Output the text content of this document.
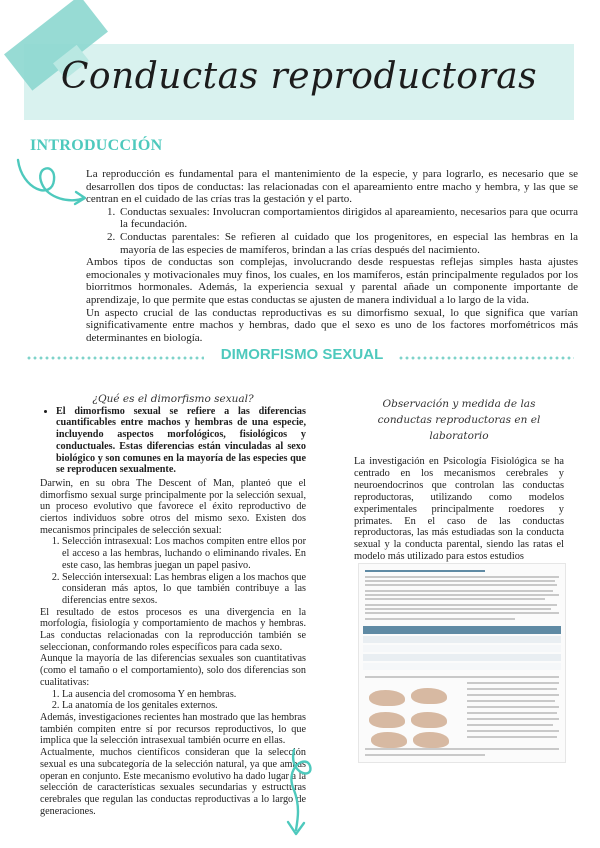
Conductas reproductoras
INTRODUCCIÓN

La reproducción es fundamental para el mantenimiento de la especie, y para lograrlo, es necesario que se desarrollen dos tipos de conductas: las relacionadas con el apareamiento entre macho y hembra, y las que se centran en el cuidado de las crías tras la gestación y el parto.

1. Conductas sexuales: Involucran comportamientos dirigidos al apareamiento, necesarios para que ocurra la fecundación.
2. Conductas parentales: Se refieren al cuidado que los progenitores, en especial las hembras en la mayoría de las especies de mamíferos, brindan a las crías después del nacimiento.

Ambos tipos de conductas son complejas, involucrando desde respuestas reflejas simples hasta ajustes emocionales y motivacionales muy finos, los cuales, en los mamíferos, están principalmente regulados por los biorritmos hormonales. Además, la experiencia sexual y parental añade un componente importante de aprendizaje, lo que permite que estas conductas se ajusten de manera individual a lo largo de la vida.

Un aspecto crucial de las conductas reproductivas es su dimorfismo sexual, lo que significa que varían significativamente entre machos y hembras, dado que el sexo es uno de los factores morfométricos más determinantes en biología.

DIMORFISMO SEXUAL

¿Qué es el dimorfismo sexual?

• El dimorfismo sexual se refiere a las diferencias cuantificables entre machos y hembras de una especie, incluyendo aspectos morfológicos, fisiológicos y conductuales. Estas diferencias están vinculadas al sexo biológico y son comunes en la mayoría de las especies que se reproducen sexualmente.

Darwin, en su obra The Descent of Man, planteó que el dimorfismo sexual surge principalmente por la selección sexual, un proceso evolutivo que favorece el éxito reproductivo de ciertos individuos sobre otros del mismo sexo. Existen dos mecanismos principales de selección sexual:

1. Selección intrasexual: Los machos compiten entre ellos por el acceso a las hembras, luchando o eliminando rivales. En este caso, las hembras juegan un papel pasivo.
2. Selección intersexual: Las hembras eligen a los machos que consideran más aptos, lo que también contribuye a las diferencias entre sexos.

El resultado de estos procesos es una divergencia en la morfología, fisiología y comportamiento de machos y hembras. Las conductas relacionadas con la reproducción también se seleccionan, conformando roles específicos para cada sexo.

Aunque la mayoría de las diferencias sexuales son cuantitativas (como el tamaño o el comportamiento), solo dos diferencias son cualitativas:

1. La ausencia del cromosoma Y en hembras.
2. La anatomía de los genitales externos.

Además, investigaciones recientes han mostrado que las hembras también compiten entre sí por recursos reproductivos, lo que implica que la selección intrasexual también ocurre en ellas.

Actualmente, muchos científicos consideran que la selección sexual es una subcategoría de la selección natural, ya que ambas operan en conjunto. Este mecanismo evolutivo ha dado lugar a la selección de características sexuales secundarias y estructuras cerebrales que regulan las conductas reproductivas a lo largo de generaciones.

Observación y medida de las conductas reproductoras en el laboratorio

La investigación en Psicología Fisiológica se ha centrado en los mecanismos cerebrales y neuroendocrinos que controlan las conductas reproductoras, utilizando como modelos experimentales principalmente roedores y primates. En el caso de las conductas reproductoras, las más estudiadas son la conducta sexual y la conducta parental, siendo las ratas el modelo más utilizado para estos estudios
